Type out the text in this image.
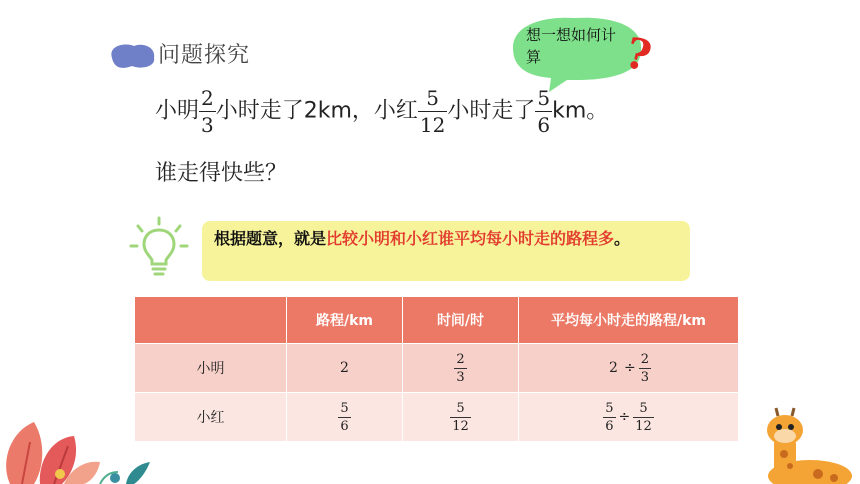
问题探究
想一想如何计算	?
小明 $\frac{2}{3}$ 小时走了2km，小红 $\frac{5}{12}$ 小时走了 $\frac{5}{6}$ km。
谁走得快些？
根据题意，就是比较小明和小红谁平均每小时走的路程多。
	路程/km	时间/时	平均每小时走的路程/km
小明	2	$\frac{2}{3}$	$2 \div \frac{2}{3}$

小红	$\frac{5}{6}$	$\frac{5}{12}$	$\frac{5}{6} \div \frac{5}{12}$
